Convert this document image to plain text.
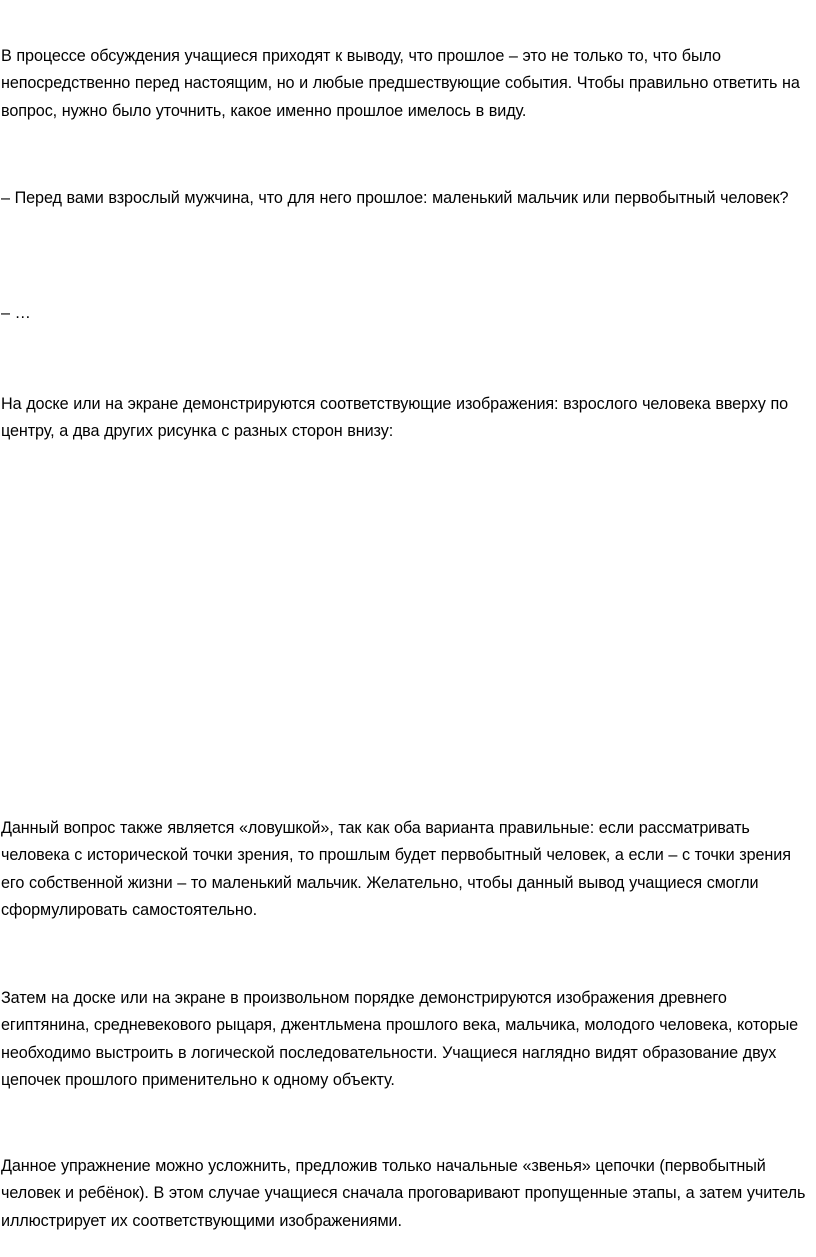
В процессе обсуждения учащиеся приходят к выводу, что прошлое – это не только то, что было непосредственно перед настоящим, но и любые предшествующие события. Чтобы правильно ответить на вопрос, нужно было уточнить, какое именно прошлое имелось в виду.

– Перед вами взрослый мужчина, что для него прошлое: маленький мальчик или первобытный человек?

– …

На доске или на экране демонстрируются соответствующие изображения: взрослого человека вверху по центру, а два других рисунка с разных сторон внизу:

Данный вопрос также является «ловушкой», так как оба варианта правильные: если рассматривать человека с исторической точки зрения, то прошлым будет первобытный человек, а если – с точки зрения его собственной жизни – то маленький мальчик. Желательно, чтобы данный вывод учащиеся смогли сформулировать самостоятельно.

Затем на доске или на экране в произвольном порядке демонстрируются изображения древнего египтянина, средневекового рыцаря, джентльмена прошлого века, мальчика, молодого человека, которые необходимо выстроить в логической последовательности. Учащиеся наглядно видят образование двух цепочек прошлого применительно к одному объекту.

Данное упражнение можно усложнить, предложив только начальные «звенья» цепочки (первобытный человек и ребёнок). В этом случае учащиеся сначала проговаривают пропущенные этапы, а затем учитель иллюстрирует их соответствующими изображениями.
